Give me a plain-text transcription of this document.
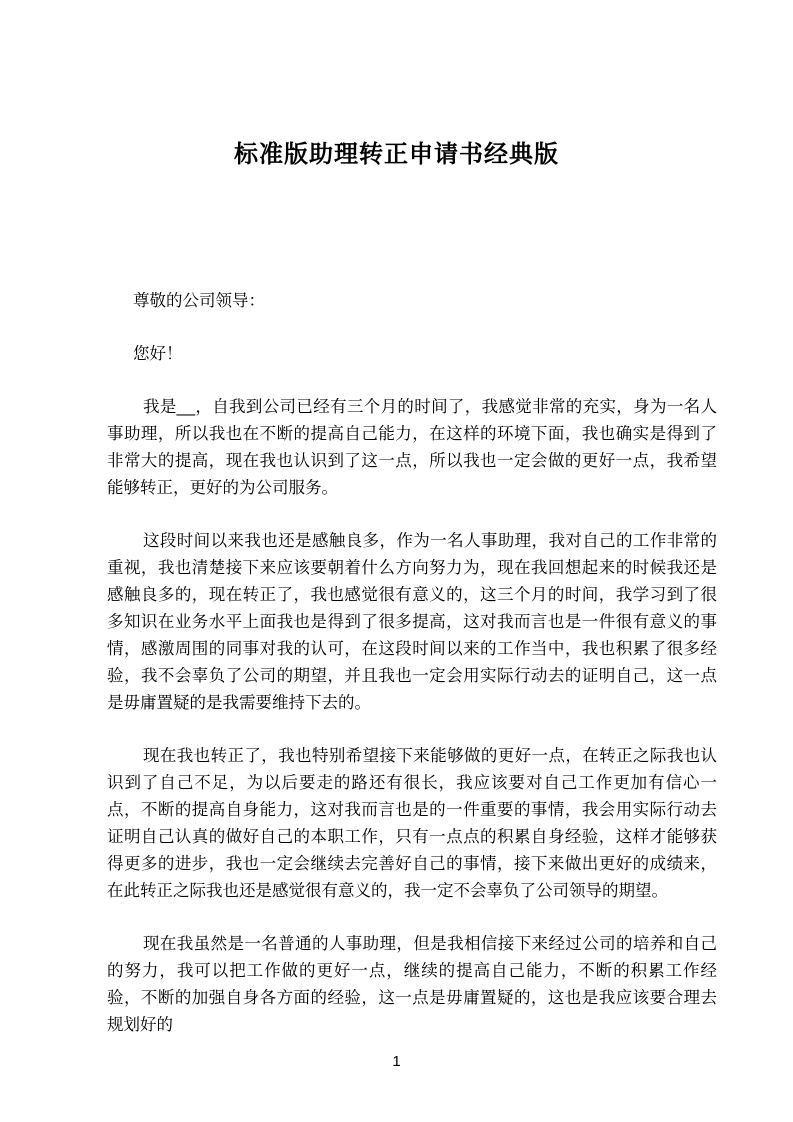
标准版助理转正申请书经典版
尊敬的公司领导：
您好！

我是__，自我到公司已经有三个月的时间了，我感觉非常的充实，身为一名人事助理，所以我也在不断的提高自己能力，在这样的环境下面，我也确实是得到了非常大的提高，现在我也认识到了这一点，所以我也一定会做的更好一点，我希望能够转正，更好的为公司服务。

这段时间以来我也还是感触良多，作为一名人事助理，我对自己的工作非常的重视，我也清楚接下来应该要朝着什么方向努力为，现在我回想起来的时候我还是感触良多的，现在转正了，我也感觉很有意义的，这三个月的时间，我学习到了很多知识在业务水平上面我也是得到了很多提高，这对我而言也是一件很有意义的事情，感激周围的同事对我的认可，在这段时间以来的工作当中，我也积累了很多经验，我不会辜负了公司的期望，并且我也一定会用实际行动去的证明自己，这一点是毋庸置疑的是我需要维持下去的。

现在我也转正了，我也特别希望接下来能够做的更好一点，在转正之际我也认识到了自己不足，为以后要走的路还有很长，我应该要对自己工作更加有信心一点，不断的提高自身能力，这对我而言也是的一件重要的事情，我会用实际行动去证明自己认真的做好自己的本职工作，只有一点点的积累自身经验，这样才能够获得更多的进步，我也一定会继续去完善好自己的事情，接下来做出更好的成绩来，在此转正之际我也还是感觉很有意义的，我一定不会辜负了公司领导的期望。

现在我虽然是一名普通的人事助理，但是我相信接下来经过公司的培养和自己的努力，我可以把工作做的更好一点，继续的提高自己能力，不断的积累工作经验，不断的加强自身各方面的经验，这一点是毋庸置疑的，这也是我应该要合理去规划好的

1
